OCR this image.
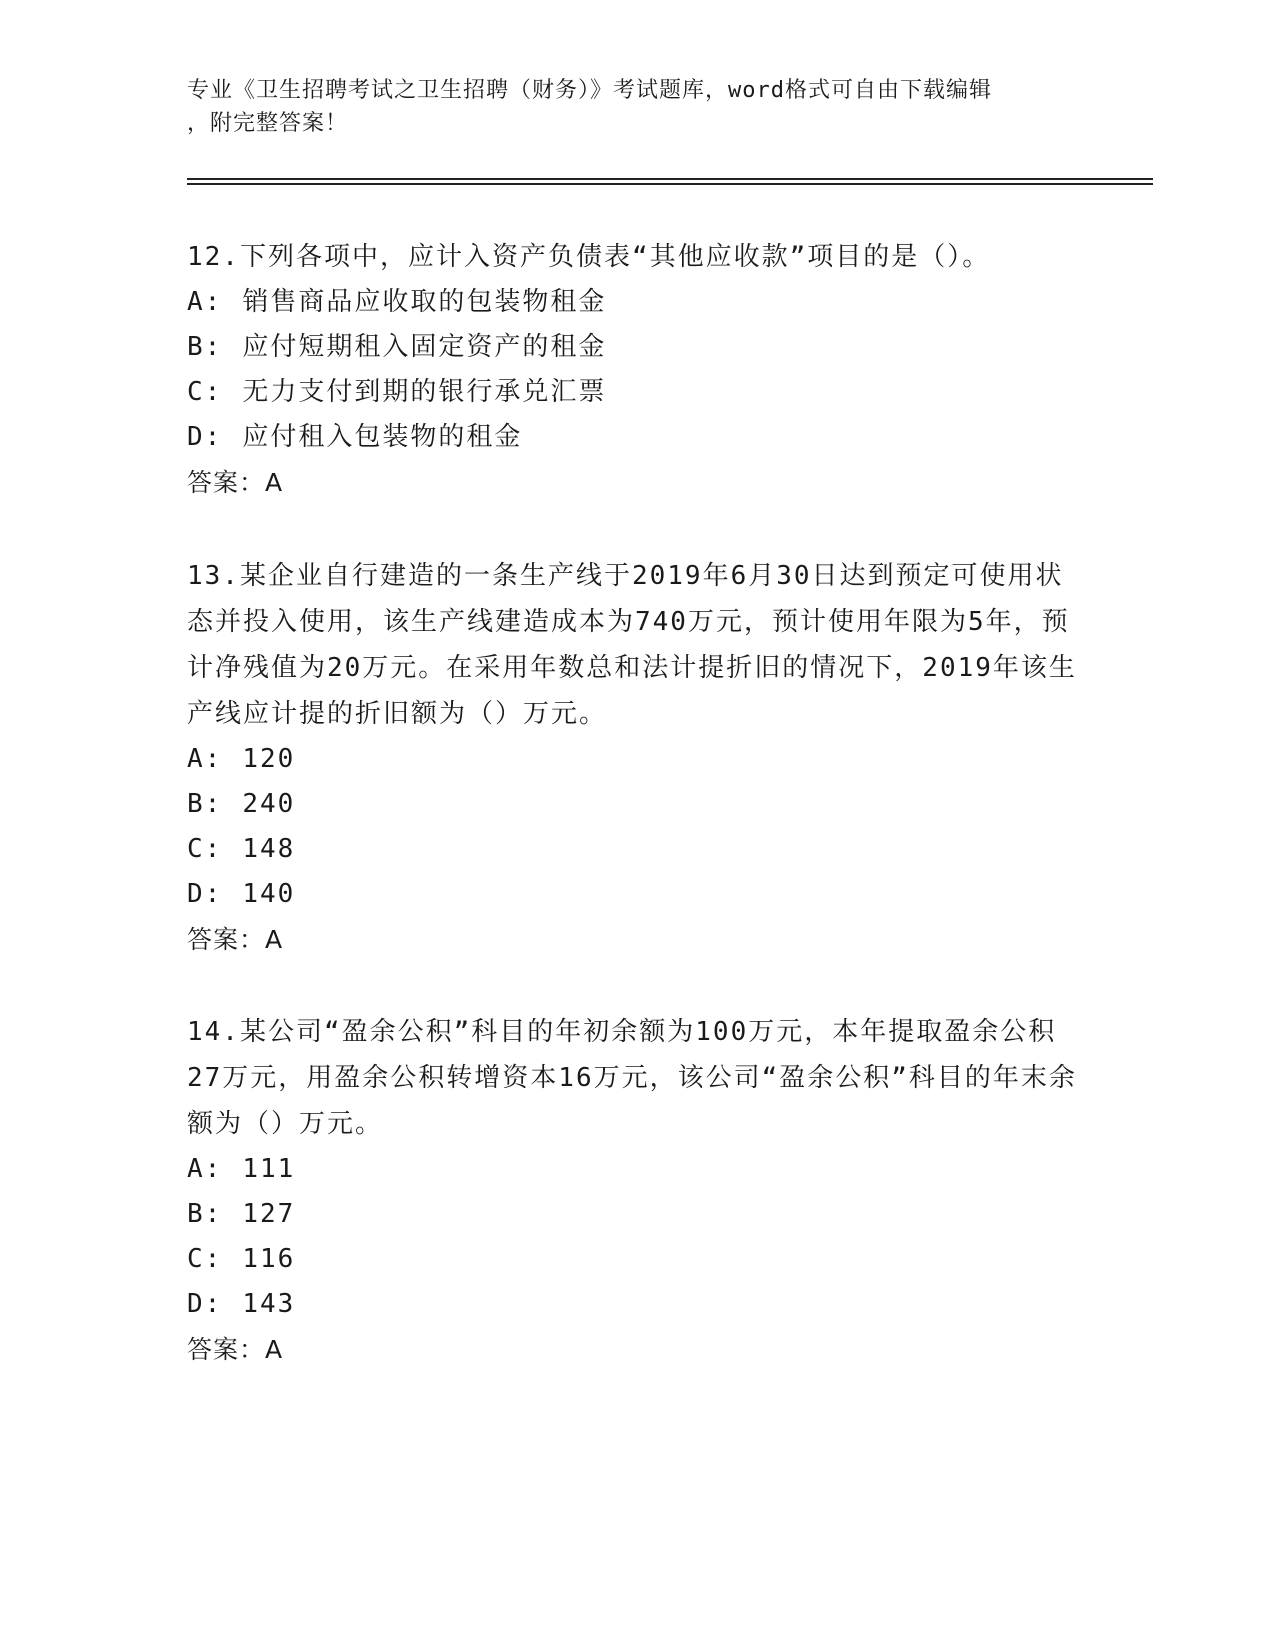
专业《卫生招聘考试之卫生招聘（财务）》考试题库，word格式可自由下载编辑
，附完整答案！

12.下列各项中，应计入资产负债表“其他应收款”项目的是（）。

A: 销售商品应收取的包装物租金

B: 应付短期租入固定资产的租金

C: 无力支付到期的银行承兑汇票

D: 应付租入包装物的租金

答案：A

13.某企业自行建造的一条生产线于2019年6月30日达到预定可使用状态并投入使用，该生产线建造成本为740万元，预计使用年限为5年，预计净残值为20万元。在采用年数总和法计提折旧的情况下，2019年该生产线应计提的折旧额为（）万元。

A: 120

B: 240

C: 148

D: 140

答案：A

14.某公司“盈余公积”科目的年初余额为100万元，本年提取盈余公积27万元，用盈余公积转增资本16万元，该公司“盈余公积”科目的年末余额为（）万元。

A: 111

B: 127

C: 116

D: 143

答案：A
